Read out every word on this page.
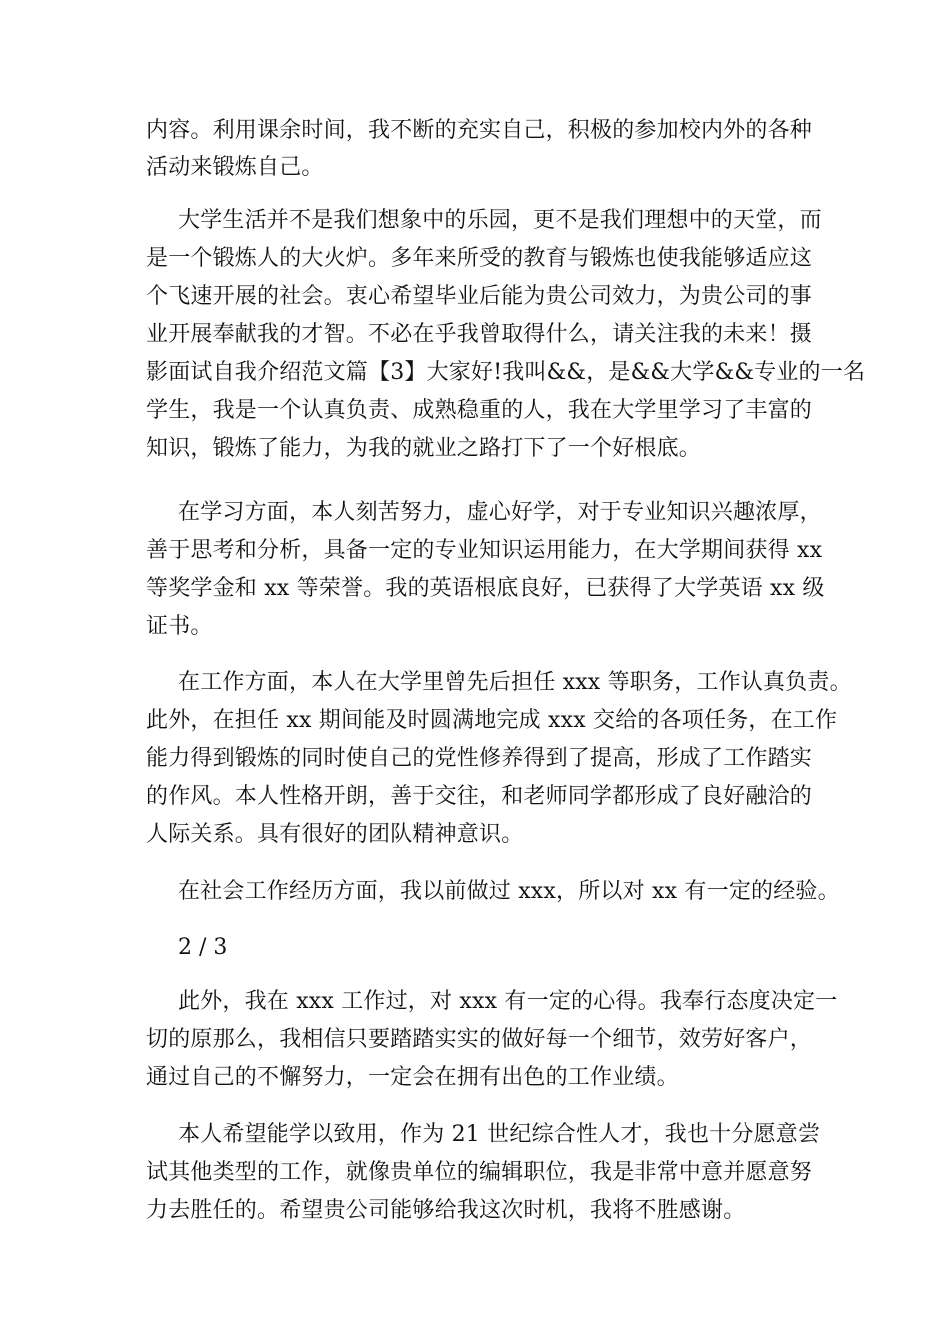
内容。利用课余时间，我不断的充实自己，积极的参加校内外的各种
活动来锻炼自己。
大学生活并不是我们想象中的乐园，更不是我们理想中的天堂，而
是一个锻炼人的大火炉。多年来所受的教育与锻炼也使我能够适应这
个飞速开展的社会。衷心希望毕业后能为贵公司效力，为贵公司的事
业开展奉献我的才智。不必在乎我曾取得什么，请关注我的未来！摄
影面试自我介绍范文篇【3】大家好!我叫&&，是&&大学&&专业的一名
学生，我是一个认真负责、成熟稳重的人，我在大学里学习了丰富的
知识，锻炼了能力，为我的就业之路打下了一个好根底。
在学习方面，本人刻苦努力，虚心好学，对于专业知识兴趣浓厚，
善于思考和分析，具备一定的专业知识运用能力，在大学期间获得 xx
等奖学金和 xx 等荣誉。我的英语根底良好，已获得了大学英语 xx 级
证书。
在工作方面，本人在大学里曾先后担任 xxx 等职务，工作认真负责。
此外，在担任 xx 期间能及时圆满地完成 xxx 交给的各项任务，在工作
能力得到锻炼的同时使自己的党性修养得到了提高，形成了工作踏实
的作风。本人性格开朗，善于交往，和老师同学都形成了良好融洽的
人际关系。具有很好的团队精神意识。
在社会工作经历方面，我以前做过 xxx，所以对 xx 有一定的经验。
2 / 3
此外，我在 xxx 工作过，对 xxx 有一定的心得。我奉行态度决定一
切的原那么，我相信只要踏踏实实的做好每一个细节，效劳好客户，
通过自己的不懈努力，一定会在拥有出色的工作业绩。
本人希望能学以致用，作为 21 世纪综合性人才，我也十分愿意尝
试其他类型的工作，就像贵单位的编辑职位，我是非常中意并愿意努
力去胜任的。希望贵公司能够给我这次时机，我将不胜感谢。
